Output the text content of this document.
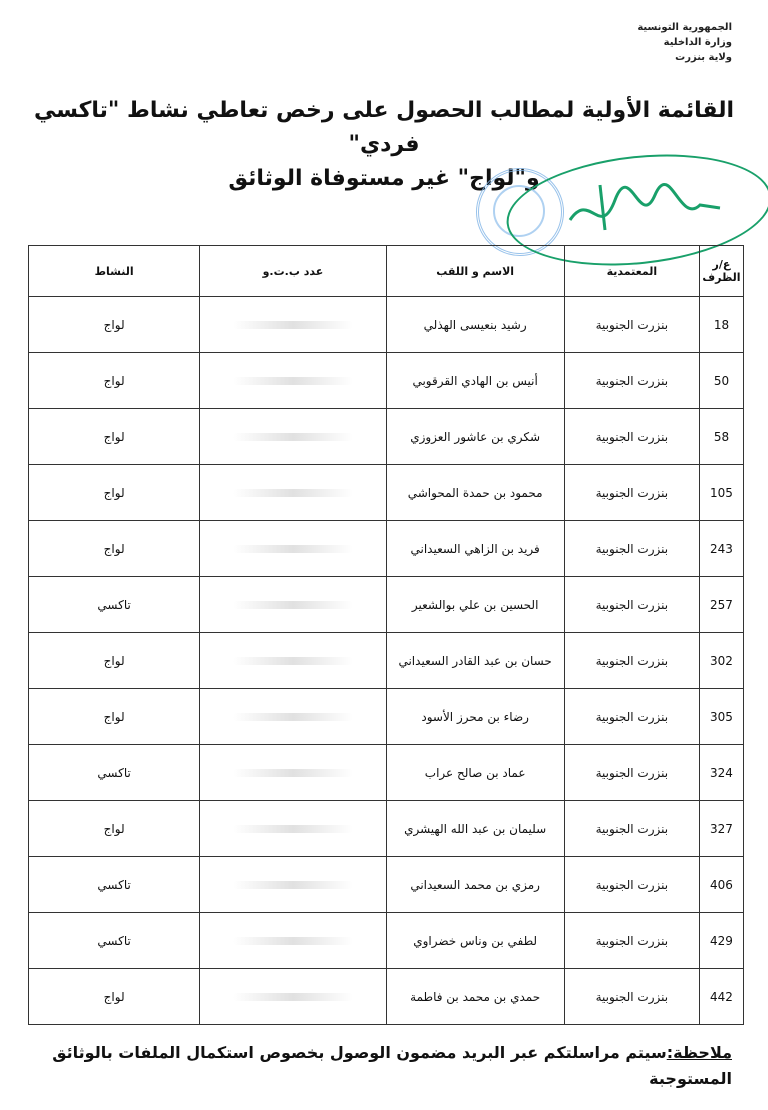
الجمهورية التونسية
وزارة الداخلية
ولاية بنزرت
القائمة الأولية لمطالب الحصول على رخص تعاطي نشاط "تاكسي فردي"
و"لواج" غير مستوفاة الوثائق
ع/ر الظرف	المعتمدية	الاسم و اللقب	عدد ب.ت.و	النشاط
18	بنزرت الجنوبية	رشيد بنعيسى الهذلي		لواج
50	بنزرت الجنوبية	أنيس بن الهادي القرقوبي		لواج
58	بنزرت الجنوبية	شكري بن عاشور العزوزي		لواج
105	بنزرت الجنوبية	محمود بن حمدة المحواشي		لواج
243	بنزرت الجنوبية	فريد بن الزاهي السعيداني		لواج
257	بنزرت الجنوبية	الحسين بن علي بوالشعير		تاكسي
302	بنزرت الجنوبية	حسان بن عبد القادر السعيداني		لواج
305	بنزرت الجنوبية	رضاء بن محرز الأسود		لواج
324	بنزرت الجنوبية	عماد بن صالح عراب		تاكسي
327	بنزرت الجنوبية	سليمان بن عبد الله الهيشري		لواج
406	بنزرت الجنوبية	رمزي بن محمد السعيداني		تاكسي
429	بنزرت الجنوبية	لطفي بن وناس خضراوي		تاكسي
442	بنزرت الجنوبية	حمدي بن محمد بن فاطمة		لواج
ملاحظة:سيتم مراسلتكم عبر البريد مضمون الوصول بخصوص استكمال الملفات بالوثائق المستوجبة
